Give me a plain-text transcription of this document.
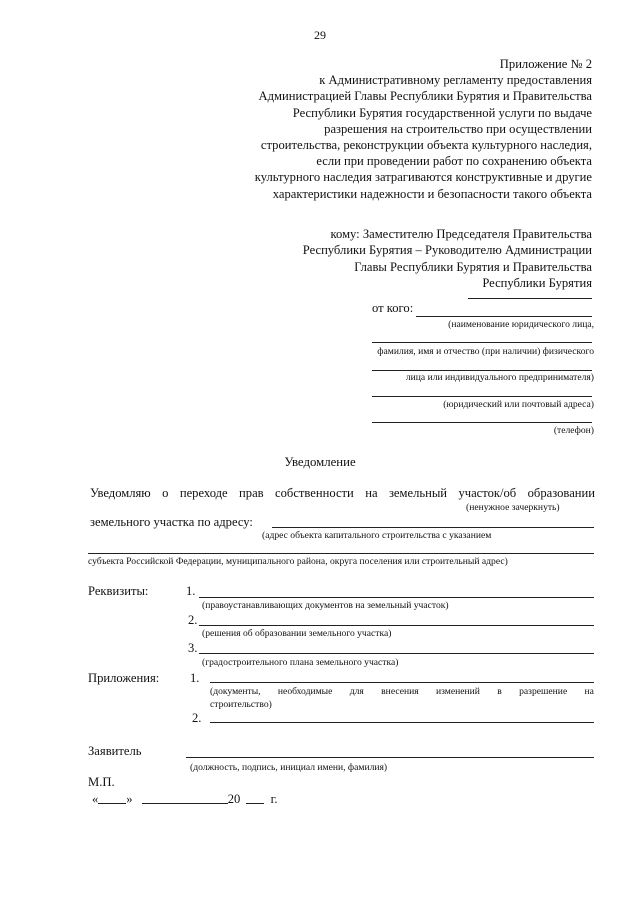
29
Приложение № 2
к Административному регламенту предоставления
Администрацией Главы Республики Бурятия и Правительства
Республики Бурятия государственной услуги по выдаче
разрешения на строительство при осуществлении
строительства, реконструкции объекта культурного наследия,
если при проведении работ по сохранению объекта
культурного наследия затрагиваются конструктивные и другие
характеристики надежности и безопасности такого объекта
кому: Заместителю Председателя Правительства
Республики Бурятия – Руководителю Администрации
Главы Республики Бурятия и Правительства
Республики Бурятия
от кого:
(наименование юридического лица,
фамилия, имя и отчество (при наличии) физического
лица или индивидуального предпринимателя)
(юридический или почтовый адреса)
(телефон)
Уведомление
Уведомляю о переходе прав собственности на земельный участок/об образовании
(ненужное зачеркнуть)
земельного участка по адресу:
(адрес объекта капитального строительства с указанием
субъекта Российской Федерации, муниципального района, округа поселения или строительный адрес)
Реквизиты:	1.
(правоустанавливающих документов на земельный участок)
2.
(решения об образовании земельного участка)
3.
(градостроительного плана земельного участка)
Приложения: 1.
(документы, необходимые для внесения изменений в разрешение на
строительство)
2.
Заявитель
(должность, подпись, инициал имени, фамилия)
М.П.
« »	20 г.
